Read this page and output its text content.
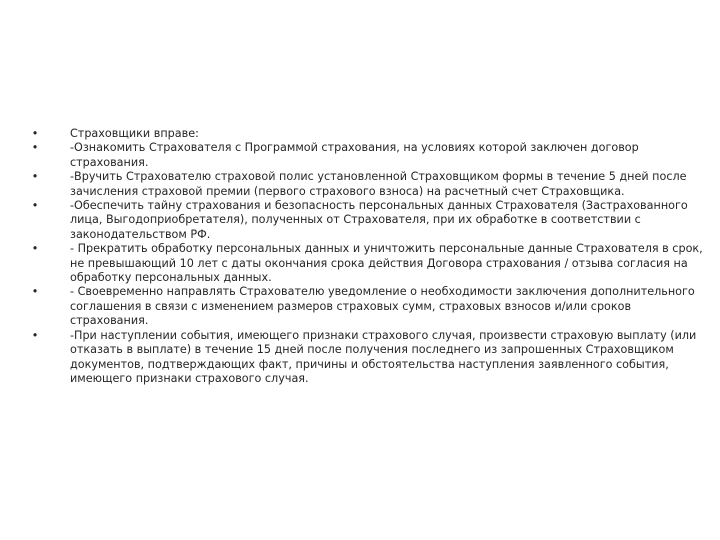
•	Страховщики вправе:
•	-Ознакомить Страхователя с Программой страхования, на условиях которой заключен договор страхования.
•	-Вручить Страхователю страховой полис установленной Страховщиком формы в течение 5 дней после зачисления страховой премии (первого страхового взноса) на расчетный счет Страховщика.
•	-Обеспечить тайну страхования и безопасность персональных данных Страхователя (Застрахованного лица, Выгодоприобретателя), полученных от Страхователя, при их обработке в соответствии с законодательством РФ.
•	- Прекратить обработку персональных данных и уничтожить персональные данные Страхователя в срок, не превышающий 10 лет с даты окончания срока действия Договора страхования / отзыва согласия на обработку персональных данных.
•	- Своевременно направлять Страхователю уведомление о необходимости заключения дополнительного соглашения в связи с изменением размеров страховых сумм, страховых взносов и/или сроков страхования.
•	-При наступлении события, имеющего признаки страхового случая, произвести страховую выплату (или отказать в выплате) в течение 15 дней после получения последнего из запрошенных Страховщиком документов, подтверждающих факт, причины и обстоятельства наступления заявленного события, имеющего признаки страхового случая.
